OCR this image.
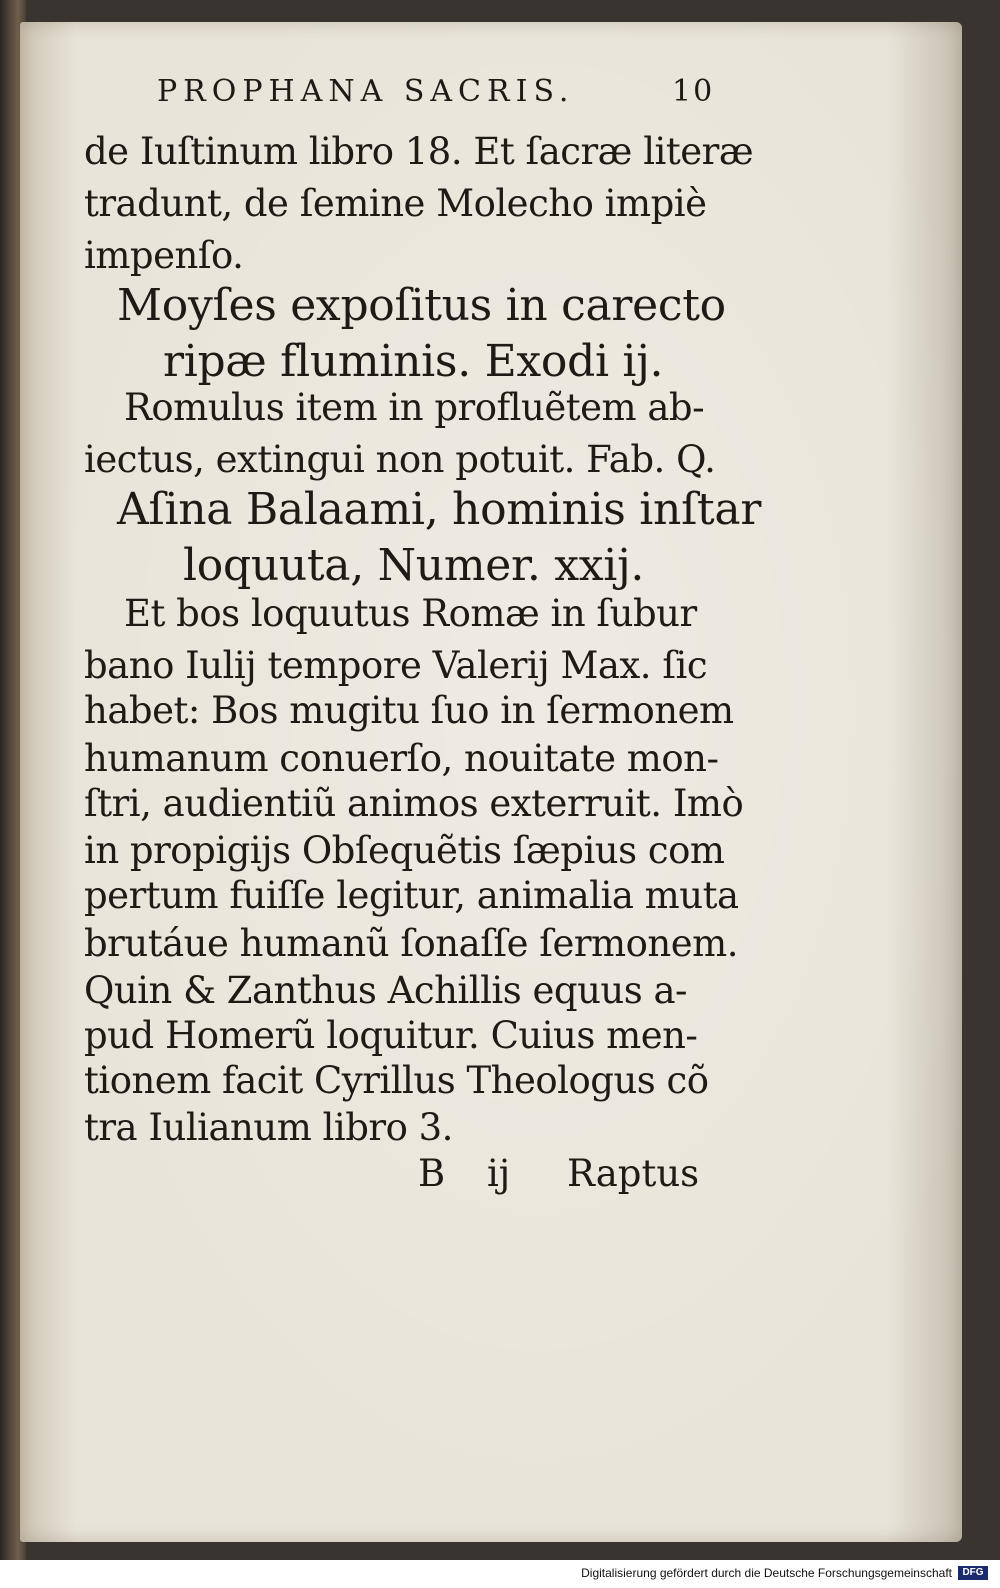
PROPHANA SACRIS.	10
de Iuſtinum libro 18. Et ſacræ literæ
tradunt, de ſemine Molecho impiè
impenſo.
Moyſes expoſitus in carecto
ripæ fluminis. Exodi ij.
Romulus item in profluẽtem ab-
iectus, extingui non potuit. Fab. Q.
Aſina Balaami, hominis inſtar
loquuta, Numer. xxij.
Et bos loquutus Romæ in ſubur
bano Iulij tempore Valerij Max. ſic
habet: Bos mugitu ſuo in ſermonem
humanum conuerſo, nouitate mon-
ſtri, audientiũ animos exterruit. Imò
in propigijs Obſequẽtis ſæpius com
pertum fuiſſe legitur, animalia muta
brutáue humanũ ſonaſſe ſermonem.
Quin & Zanthus Achillis equus a-
pud Homerũ loquitur. Cuius men-
tionem facit Cyrillus Theologus cõ
tra Iulianum libro 3.
B ij Raptus
Digitalisierung gefördert durch die Deutsche Forschungsgemeinschaft	DFG
